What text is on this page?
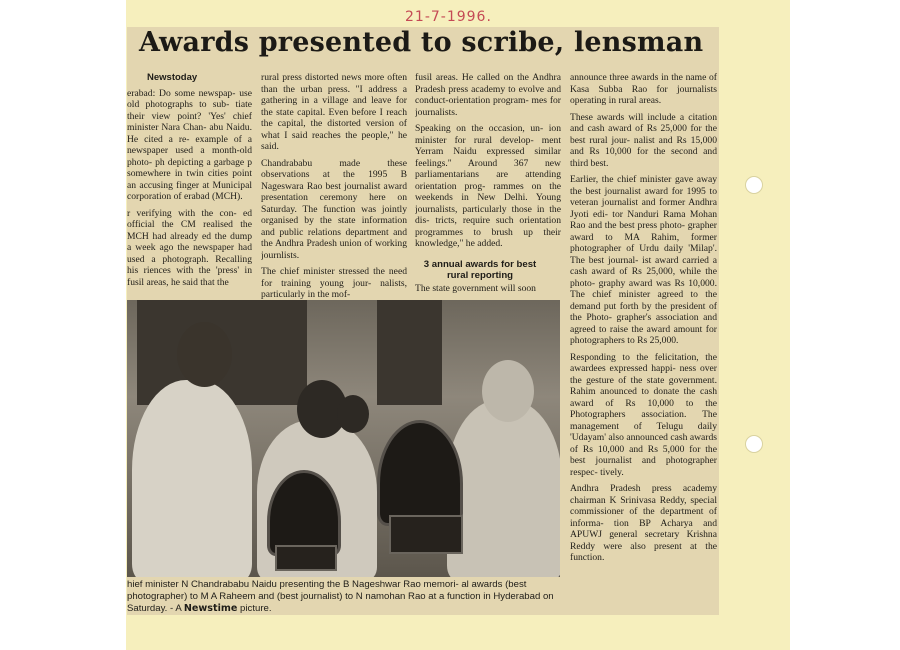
21-7-1996.
Awards presented to scribe, lensman

Newstoday

erabad: Do some newspap- use old photographs to sub- tiate their view point? 'Yes' chief minister Nara Chan- abu Naidu. He cited a re- example of a newspaper used a month-old photo- ph depicting a garbage p somewhere in twin cities point an accusing finger at Municipal corporation of erabad (MCH).

r verifying with the con- ed official the CM realised the MCH had already ed the dump a week ago the newspaper had used a photograph. Recalling his riences with the 'press' in fusil areas, he said that the

rural press distorted news more often than the urban press. "I address a gathering in a village and leave for the state capital. Even before I reach the capital, the distorted version of what I said reaches the people," he said.

Chandrababu made these observations at the 1995 B Nageswara Rao best journalist award presentation ceremony here on Saturday. The function was jointly organised by the state information and public relations department and the Andhra Pradesh union of working journlists.

The chief minister stressed the need for training young jour- nalists, particularly in the mof-

fusil areas. He called on the Andhra Pradesh press academy to evolve and conduct-orientation program- mes for journalists.

Speaking on the occasion, un- ion minister for rural develop- ment Yerram Naidu expressed similar feelings." Around 367 new parliamentarians are attending orientation prog- rammes on the weekends in New Delhi. Young journalists, particularly those in the dis- tricts, require such orientation programmes to brush up their knowledge," he added.

3 annual awards for best rural reporting
The state government will soon

announce three awards in the name of Kasa Subba Rao for journalists operating in rural areas.

These awards will include a citation and cash award of Rs 25,000 for the best rural jour- nalist and Rs 15,000 and Rs 10,000 for the second and third best.

Earlier, the chief minister gave away the best journalist award for 1995 to veteran journalist and former Andhra Jyoti edi- tor Nanduri Rama Mohan Rao and the best press photo- grapher award to MA Rahim, former photographer of Urdu daily 'Milap'. The best journal- ist award carried a cash award of Rs 25,000, while the photo- graphy award was Rs 10,000. The chief minister agreed to the demand put forth by the president of the Photo- grapher's association and agreed to raise the award amount for photographers to Rs 25,000.

Responding to the felicitation, the awardees expressed happi- ness over the gesture of the state government. Rahim anounced to donate the cash award of Rs 10,000 to the Photographers association. The management of Telugu daily 'Udayam' also announced cash awards of Rs 10,000 and Rs 5,000 for the best journalist and photographer respec- tively.

Andhra Pradesh press academy chairman K Srinivasa Reddy, special commissioner of the department of informa- tion BP Acharya and APUWJ general secretary Krishna Reddy were also present at the function.

hief minister N Chandrababu Naidu presenting the B Nageshwar Rao memori- al awards (best photographer) to M A Raheem and (best journalist) to N namohan Rao at a function in Hyderabad on Saturday. - A Newstime picture.
